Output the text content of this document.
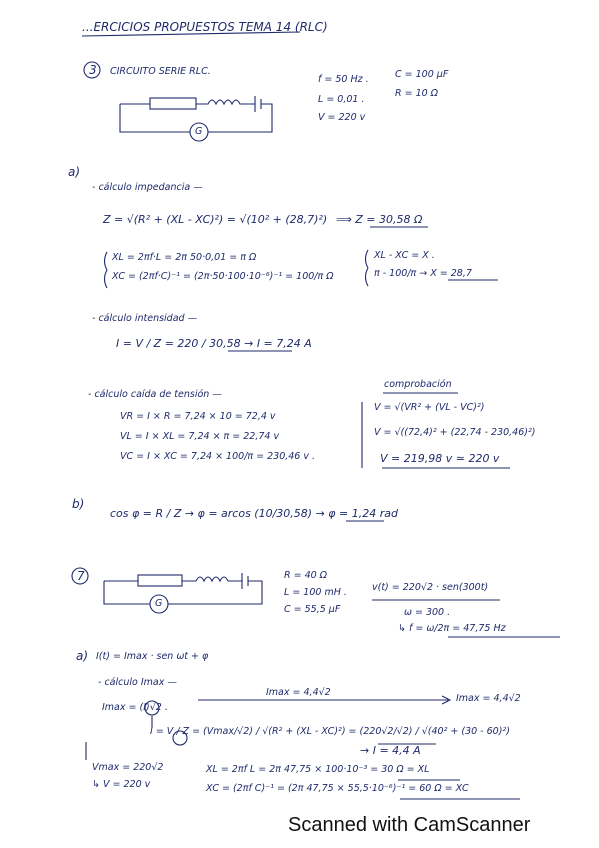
...ERCICIOS PROPUESTOS TEMA 14 (RLC)
3 CIRCUITO SERIE RLC.
G
f = 50 Hz .
L = 0,01 .
V = 220 v
C = 100 µF
R = 10 Ω
a)
- cálculo impedancia —
Z = √(R² + (XL - XC)²) = √(10² + (28,7)²) ⟹ Z = 30,58 Ω
XL = 2πf·L = 2π 50·0,01 = π Ω
XC = (2πf·C)⁻¹ = (2π·50·100·10⁻⁶)⁻¹ = 100/π Ω
XL - XC = X .
π - 100/π → X = 28,7
- cálculo intensidad —
I = V / Z = 220 / 30,58 → I = 7,24 A
- cálculo caída de tensión —
VR = I × R = 7,24 × 10 = 72,4 v
VL = I × XL = 7,24 × π = 22,74 v
VC = I × XC = 7,24 × 100/π = 230,46 v .
comprobación
V = √(VR² + (VL - VC)²)
V = √((72,4)² + (22,74 - 230,46)²)
V = 219,98 v ≃ 220 v
b)
cos φ = R / Z → φ = arcos (10/30,58) → φ = 1,24 rad
7
G
R = 40 Ω
L = 100 mH .
C = 55,5 µF
v(t) = 220√2 · sen(300t)
ω = 300 .
↳ f = ω/2π = 47,75 Hz
a) I(t) = Imax · sen ωt + φ
- cálculo Imax —
Imax = (I)√2 .
Imax = 4,4√2
Imax = 4,4√2
I = V / Z = (Vmax/√2) / √(R² + (XL - XC)²) = (220√2/√2) / √(40² + (30 - 60)²)
→ I = 4,4 A
Vmax = 220√2
↳ V = 220 v
XL = 2πf L = 2π 47,75 × 100·10⁻³ = 30 Ω = XL
XC = (2πf C)⁻¹ = (2π 47,75 × 55,5·10⁻⁶)⁻¹ = 60 Ω = XC
Scanned with CamScanner
